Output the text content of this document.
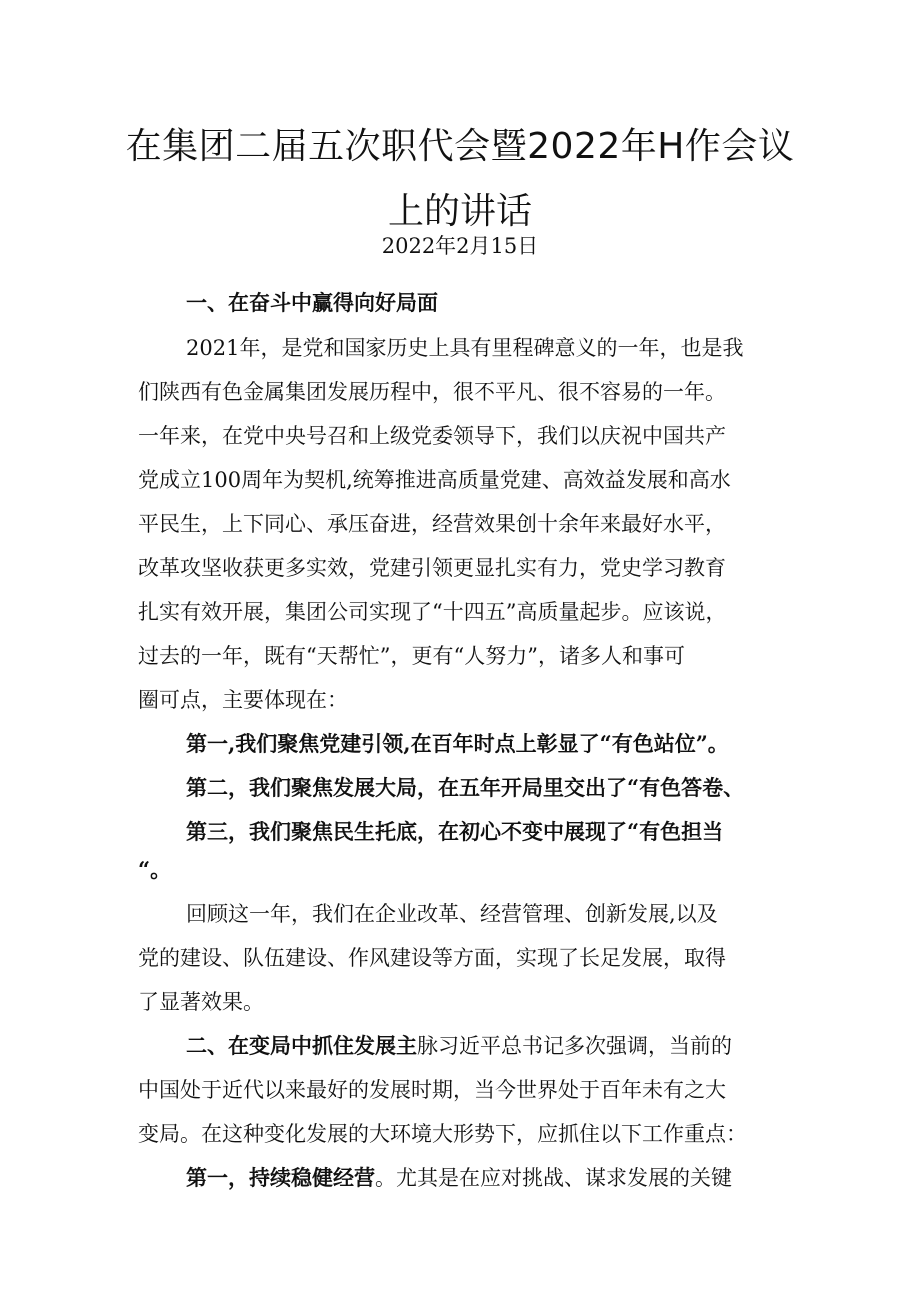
在集团二届五次职代会暨2022年H作会议
上的讲话
2022年2月15日
一、在奋斗中赢得向好局面
2021年，是党和国家历史上具有里程碑意义的一年，也是我
们陕西有色金属集团发展历程中，很不平凡、很不容易的一年。
一年来，在党中央号召和上级党委领导下，我们以庆祝中国共产
党成立100周年为契机,统筹推进高质量党建、高效益发展和高水
平民生，上下同心、承压奋进，经营效果创十余年来最好水平，
改革攻坚收获更多实效，党建引领更显扎实有力，党史学习教育
扎实有效开展，集团公司实现了“十四五”高质量起步。应该说，
过去的一年，既有“天帮忙”，更有“人努力”，诸多人和事可
圈可点，主要体现在：
第一,我们聚焦党建引领,在百年时点上彰显了“有色站位”。
第二，我们聚焦发展大局，在五年开局里交出了“有色答卷、
第三，我们聚焦民生托底，在初心不变中展现了“有色担当
“。
回顾这一年，我们在企业改革、经营管理、创新发展,以及
党的建设、队伍建设、作风建设等方面，实现了长足发展，取得
了显著效果。
二、在变局中抓住发展主脉习近平总书记多次强调，当前的
中国处于近代以来最好的发展时期，当今世界处于百年未有之大
变局。在这种变化发展的大环境大形势下，应抓住以下工作重点：
第一，持续稳健经营。尤其是在应对挑战、谋求发展的关键
